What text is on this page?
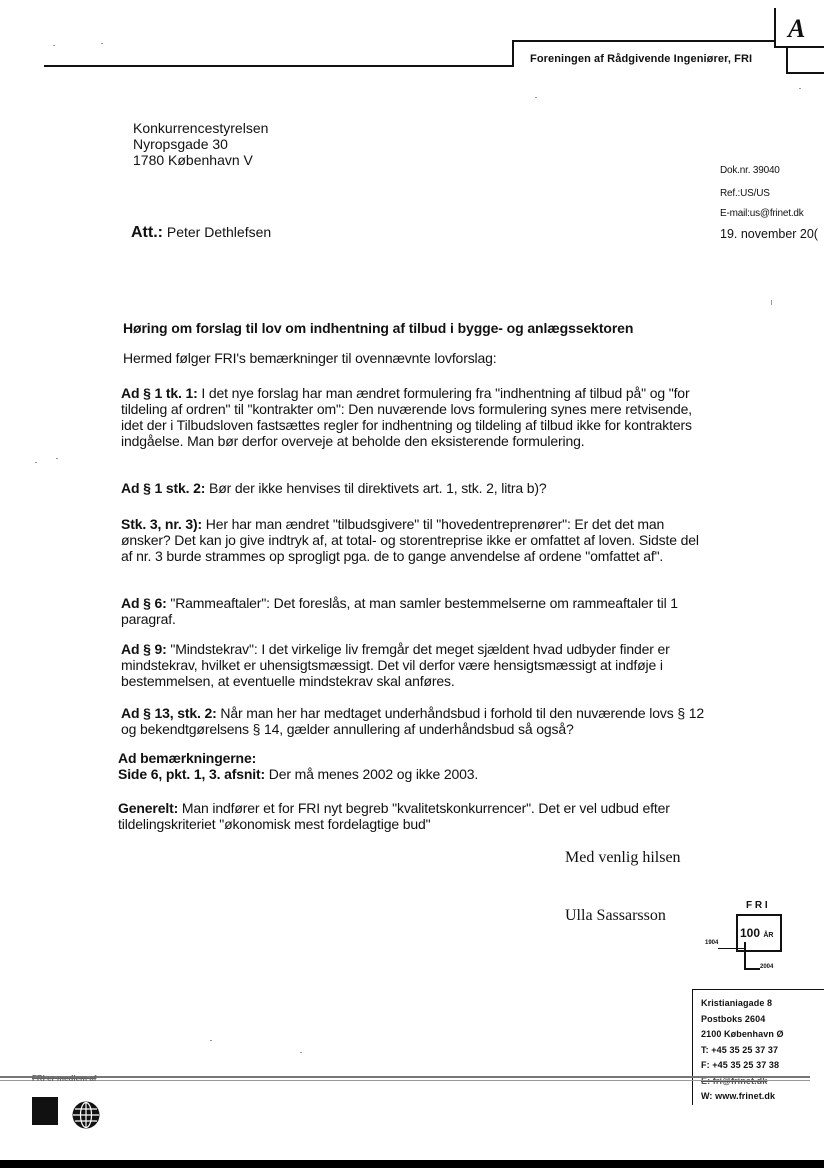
Foreningen af Rådgivende Ingeniører, FRI
A
Konkurrencestyrelsen
Nyropsgade 30
1780 København V
Dok.nr. 39040
Ref.:US/US
E-mail:us@frinet.dk
19. november 20(
Att.: Peter Dethlefsen
Høring om forslag til lov om indhentning af tilbud i bygge- og anlægssektoren
Hermed følger FRI's bemærkninger til ovennævnte lovforslag:
Ad § 1 tk. 1: I det nye forslag har man ændret formulering fra "indhentning af tilbud på" og "for tildeling af ordren" til "kontrakter om": Den nuværende lovs formulering synes mere retvisende, idet der i Tilbudsloven fastsættes regler for indhentning og tildeling af tilbud ikke for kontrakters indgåelse. Man bør derfor overveje at beholde den eksisterende formulering.
Ad § 1 stk. 2: Bør der ikke henvises til direktivets art. 1, stk. 2, litra b)?
Stk. 3, nr. 3): Her har man ændret "tilbudsgivere" til "hovedentreprenører": Er det det man ønsker? Det kan jo give indtryk af, at total- og storentreprise ikke er omfattet af loven. Sidste del af nr. 3 burde strammes op sprogligt pga. de to gange anvendelse af ordene "omfattet af".
Ad § 6: "Rammeaftaler": Det foreslås, at man samler bestemmelserne om rammeaftaler til 1 paragraf.
Ad § 9: "Mindstekrav": I det virkelige liv fremgår det meget sjældent hvad udbyder finder er mindstekrav, hvilket er uhensigtsmæssigt. Det vil derfor være hensigtsmæssigt at indføje i bestemmelsen, at eventuelle mindstekrav skal anføres.
Ad § 13, stk. 2: Når man her har medtaget underhåndsbud i forhold til den nuværende lovs § 12 og bekendtgørelsens § 14, gælder annullering af underhåndsbud så også?
Ad bemærkningerne:
Side 6, pkt. 1, 3. afsnit: Der må menes 2002 og ikke 2003.
Generelt: Man indfører et for FRI nyt begreb "kvalitetskonkurrencer". Det er vel udbud efter tildelingskriteriet "økonomisk mest fordelagtige bud"
Med venlig hilsen
Ulla Sassarsson
F R I
100 ÅR
1904
2004
Kristianiagade 8
Postboks 2604
2100 København Ø
T: +45 35 25 37 37
F: +45 35 25 37 38
W: www.frinet.dk
FRI er medlem af
